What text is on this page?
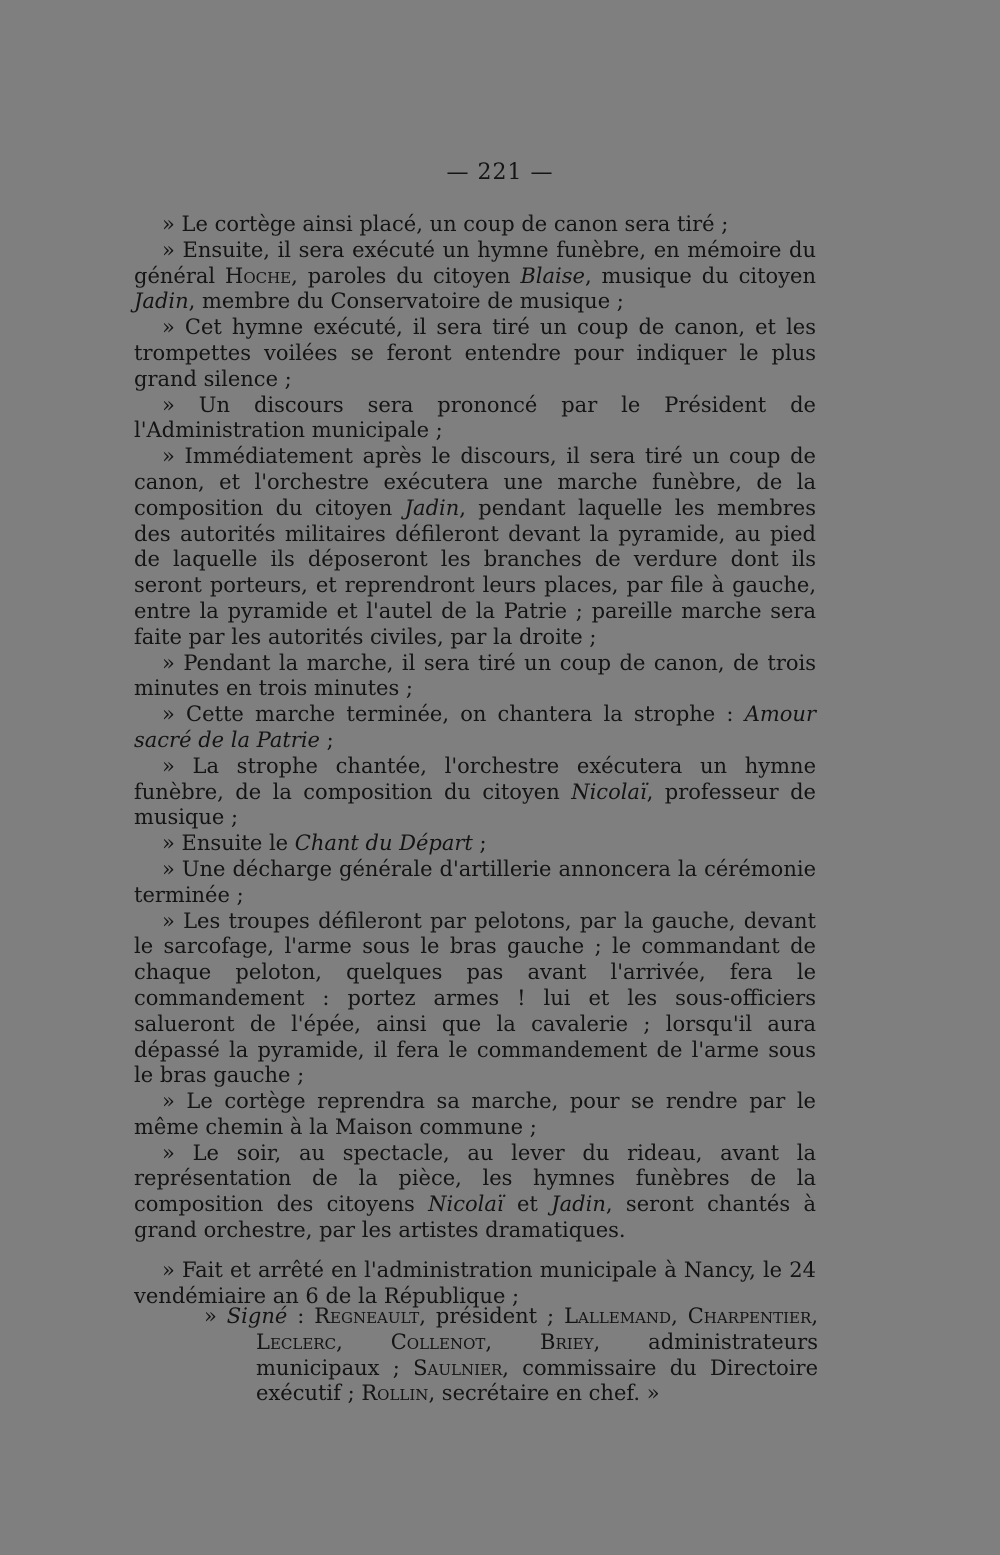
— 221 —

» Le cortège ainsi placé, un coup de canon sera tiré ;

» Ensuite, il sera exécuté un hymne funèbre, en mémoire du général Hoche, paroles du citoyen Blaise, musique du citoyen Jadin, membre du Conservatoire de musique ;

» Cet hymne exécuté, il sera tiré un coup de canon, et les trompettes voilées se feront entendre pour indiquer le plus grand silence ;

» Un discours sera prononcé par le Président de l'Administration municipale ;

» Immédiatement après le discours, il sera tiré un coup de canon, et l'orchestre exécutera une marche funèbre, de la composition du citoyen Jadin, pendant laquelle les membres des autorités militaires défileront devant la pyramide, au pied de laquelle ils déposeront les branches de verdure dont ils seront porteurs, et reprendront leurs places, par file à gauche, entre la pyramide et l'autel de la Patrie ; pareille marche sera faite par les autorités civiles, par la droite ;

» Pendant la marche, il sera tiré un coup de canon, de trois minutes en trois minutes ;

» Cette marche terminée, on chantera la strophe : Amour sacré de la Patrie ;

» La strophe chantée, l'orchestre exécutera un hymne funèbre, de la composition du citoyen Nicolaï, professeur de musique ;

» Ensuite le Chant du Départ ;

» Une décharge générale d'artillerie annoncera la cérémonie terminée ;

» Les troupes défileront par pelotons, par la gauche, devant le sarcofage, l'arme sous le bras gauche ; le commandant de chaque peloton, quelques pas avant l'arrivée, fera le commandement : portez armes ! lui et les sous-officiers salueront de l'épée, ainsi que la cavalerie ; lorsqu'il aura dépassé la pyramide, il fera le commandement de l'arme sous le bras gauche ;

» Le cortège reprendra sa marche, pour se rendre par le même chemin à la Maison commune ;

» Le soir, au spectacle, au lever du rideau, avant la représentation de la pièce, les hymnes funèbres de la composition des citoyens Nicolaï et Jadin, seront chantés à grand orchestre, par les artistes dramatiques.

» Fait et arrêté en l'administration municipale à Nancy, le 24 vendémiaire an 6 de la République ;

» Signé : Regneault, président ; Lallemand, Charpentier, Leclerc, Collenot, Briey, administrateurs municipaux ; Saulnier, commissaire du Directoire exécutif ; Rollin, secrétaire en chef. »
